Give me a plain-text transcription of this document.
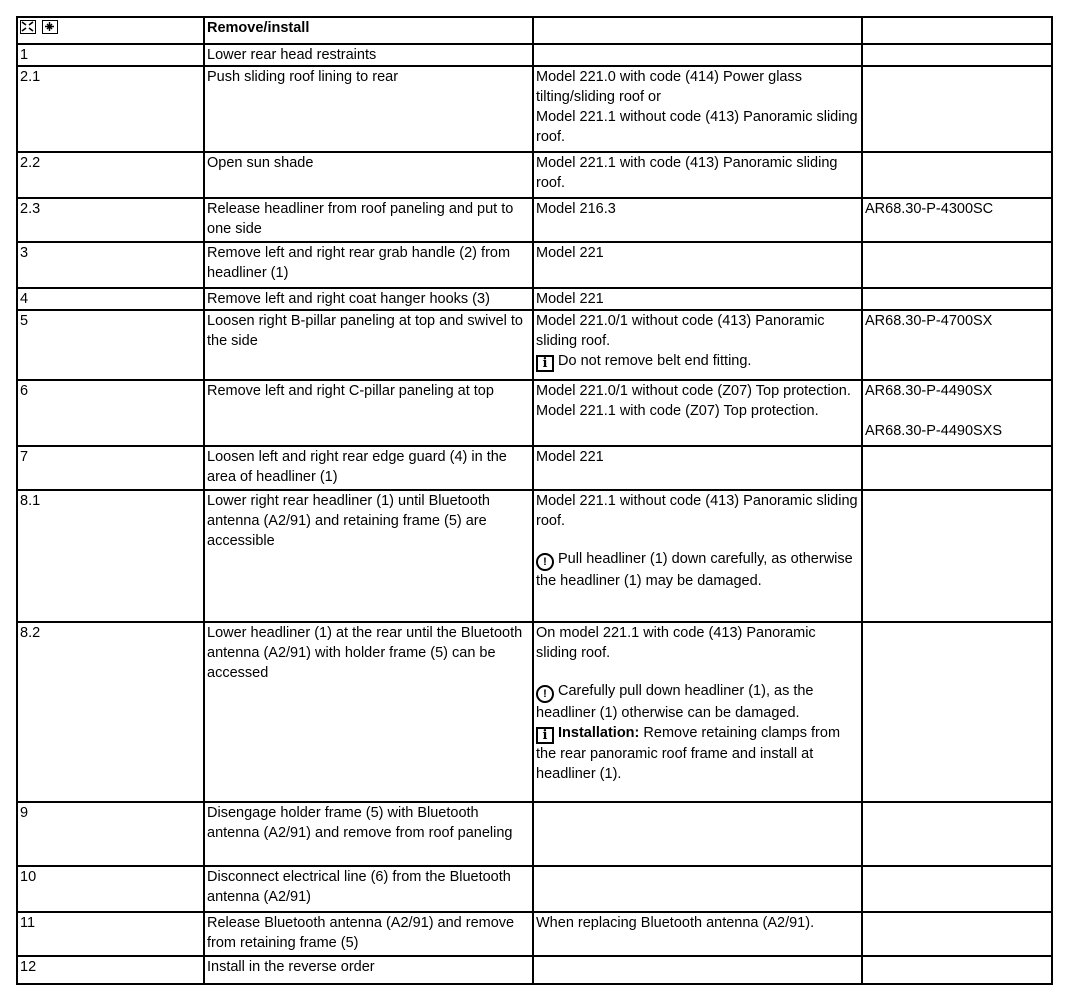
	Remove/install		
1	Lower rear head restraints		
2.1	Push sliding roof lining to rear	Model 221.0 with code (414) Power glass tilting/sliding roof or
Model 221.1 without code (413) Panoramic sliding roof.	

2.2	Open sun shade	Model 221.1 with code (413) Panoramic sliding roof.	

2.3	Release headliner from roof paneling and put to one side	Model 216.3	AR68.30-P-4300SC

3	Remove left and right rear grab handle (2) from headliner (1)	Model 221	

4	Remove left and right coat hanger hooks (3)	Model 221	

5	Loosen right B-pillar paneling at top and swivel to the side	Model 221.0/1 without code (413) Panoramic sliding roof.
i Do not remove belt end fitting.	AR68.30-P-4700SX

6	Remove left and right C-pillar paneling at top	Model 221.0/1 without code (Z07) Top protection.
Model 221.1 with code (Z07) Top protection.	AR68.30-P-4490SX
AR68.30-P-4490SXS

7	Loosen left and right rear edge guard (4) in the area of headliner (1)	Model 221	

8.1	Lower right rear headliner (1) until Bluetooth antenna (A2/91) and retaining frame (5) are accessible	Model 221.1 without code (413) Panoramic sliding roof.
! Pull headliner (1) down carefully, as otherwise the headliner (1) may be damaged.	

8.2	Lower headliner (1) at the rear until the Bluetooth antenna (A2/91) with holder frame (5) can be accessed	On model 221.1 with code (413) Panoramic sliding roof.
! Carefully pull down headliner (1), as the headliner (1) otherwise can be damaged.
i Installation: Remove retaining clamps from the rear panoramic roof frame and install at headliner (1).	

9	Disengage holder frame (5) with Bluetooth antenna (A2/91) and remove from roof paneling		
10	Disconnect electrical line (6) from the Bluetooth antenna (A2/91)		
11	Release Bluetooth antenna (A2/91) and remove from retaining frame (5)	When replacing Bluetooth antenna (A2/91).	

12	Install in the reverse order		
